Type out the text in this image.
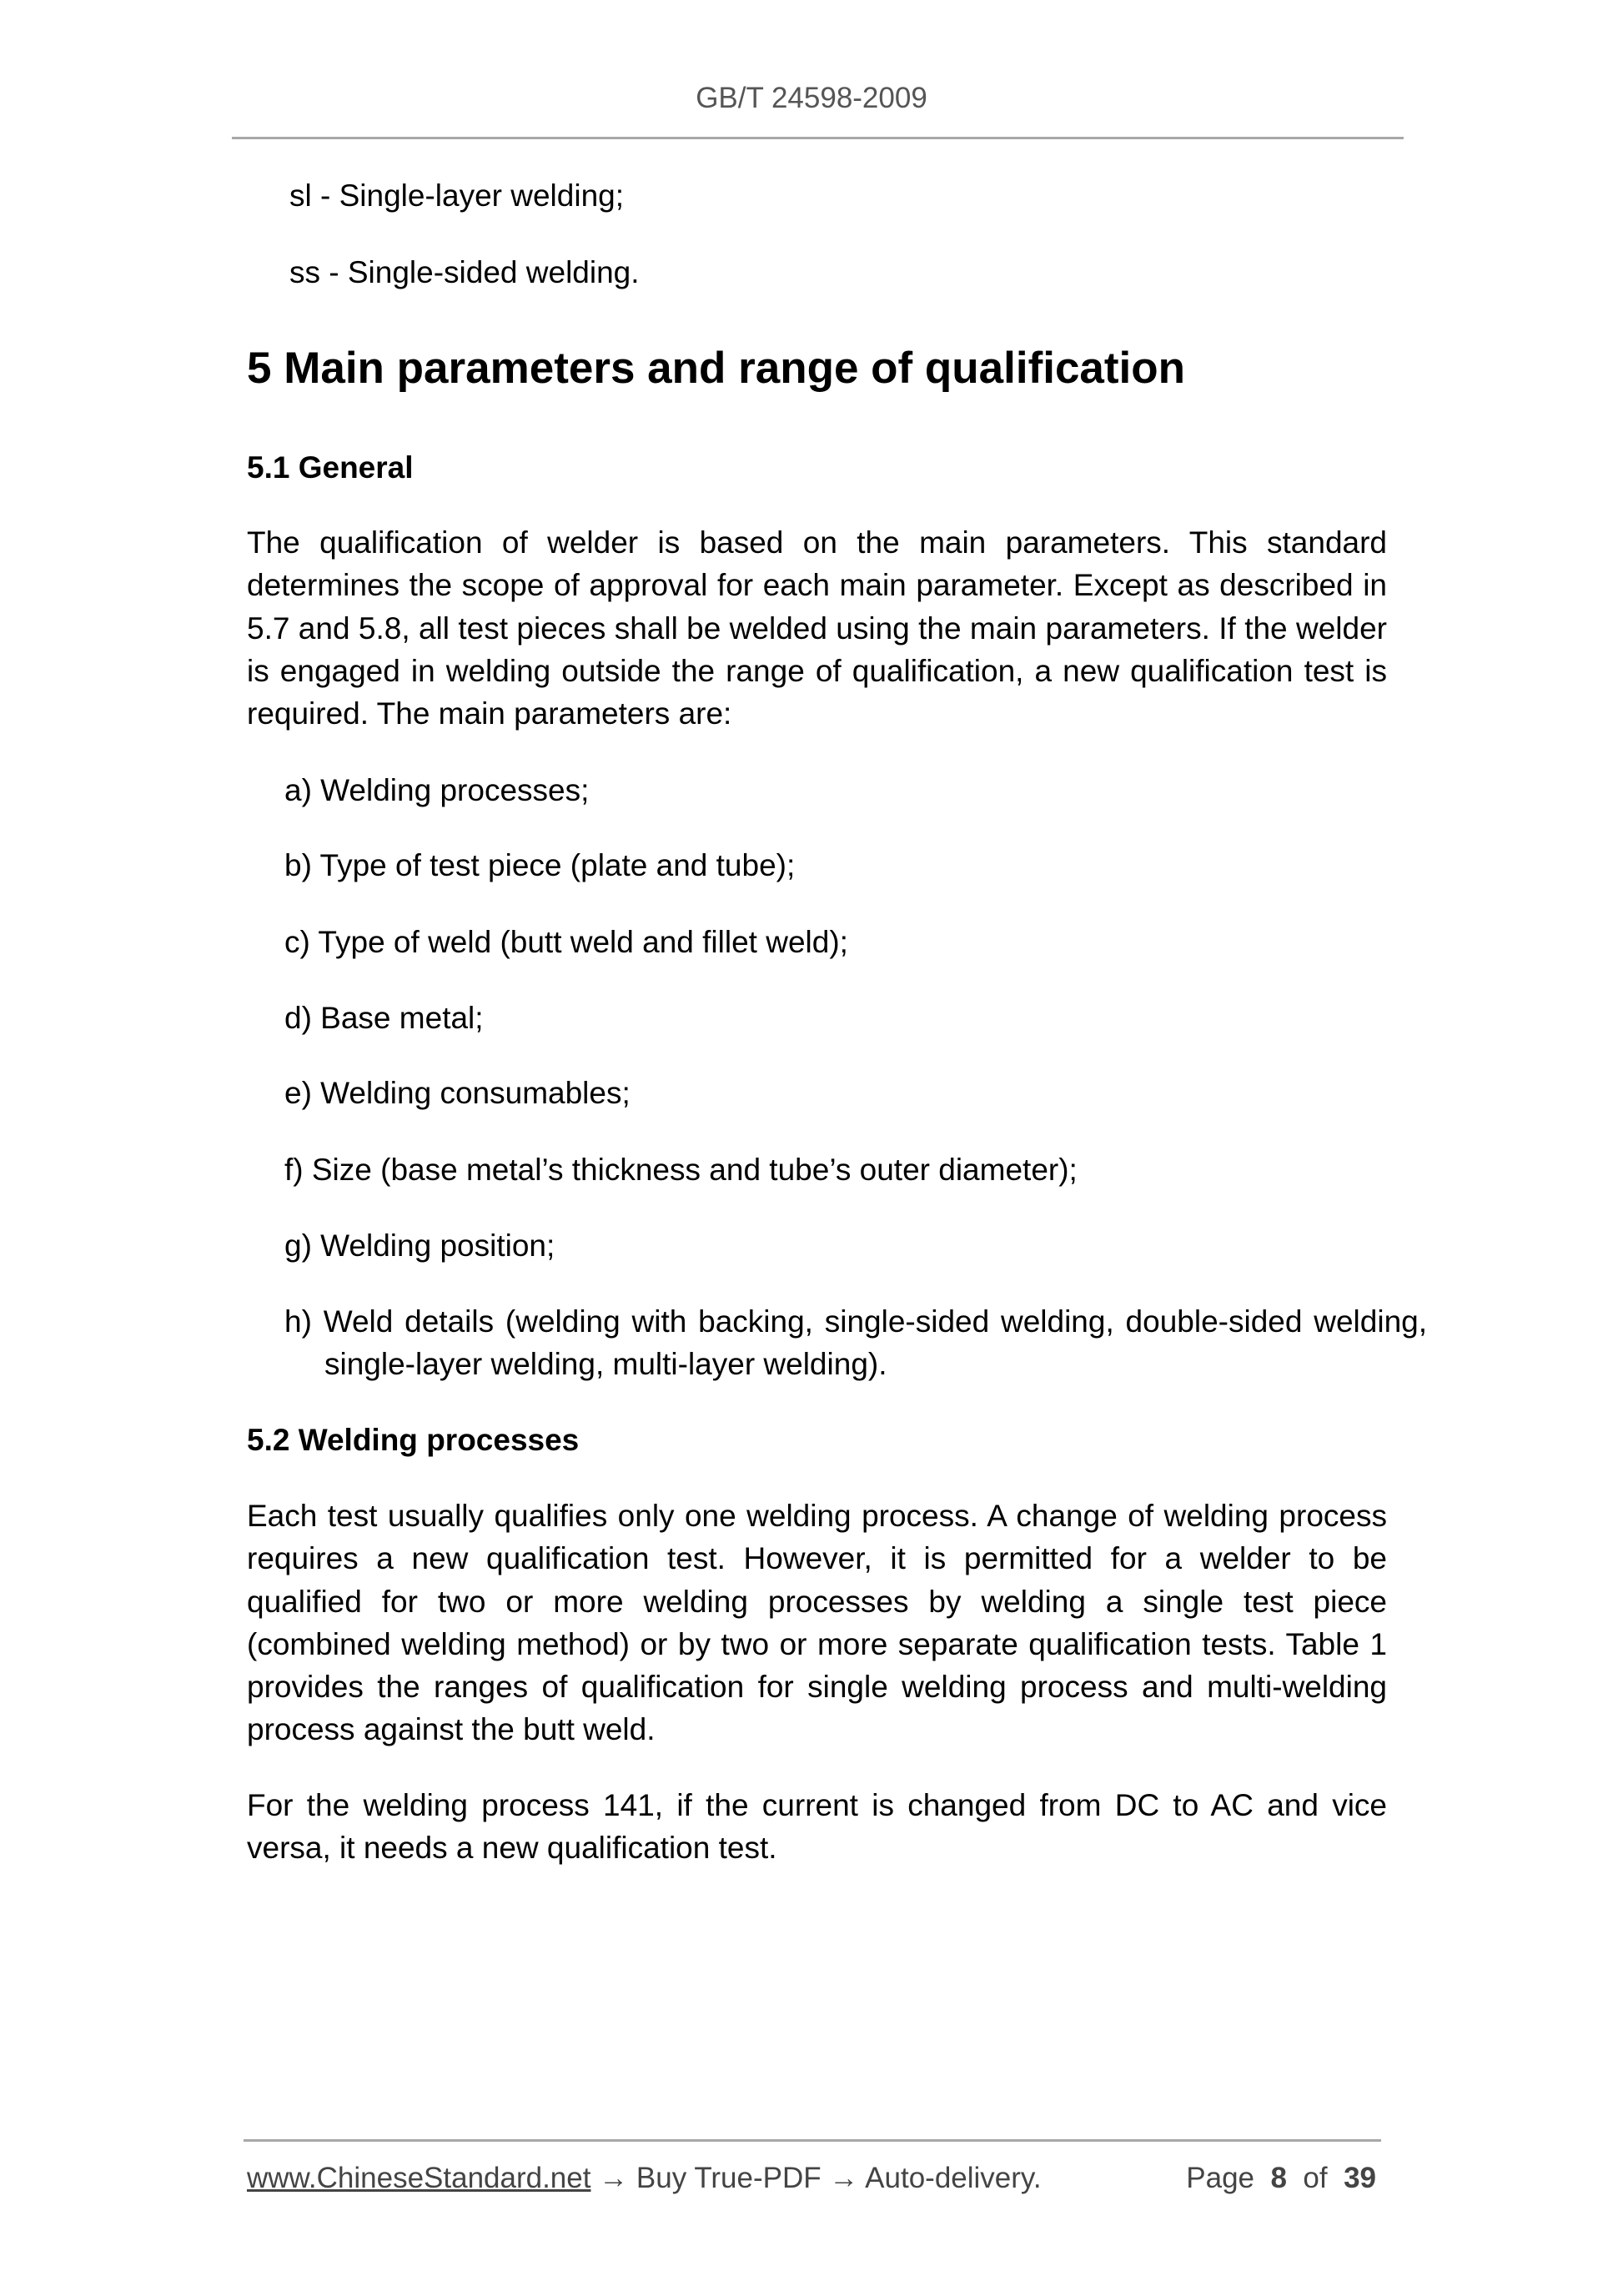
GB/T 24598-2009

sl - Single-layer welding;

ss - Single-sided welding.

5 Main parameters and range of qualification
5.1 General

The qualification of welder is based on the main parameters. This standard determines the scope of approval for each main parameter. Except as described in 5.7 and 5.8, all test pieces shall be welded using the main parameters. If the welder is engaged in welding outside the range of qualification, a new qualification test is required. The main parameters are:

a) Welding processes;

b) Type of test piece (plate and tube);

c) Type of weld (butt weld and fillet weld);

d) Base metal;

e) Welding consumables;

f) Size (base metal’s thickness and tube’s outer diameter);

g) Welding position;

h) Weld details (welding with backing, single-sided welding, double-sided welding, single-layer welding, multi-layer welding).

5.2 Welding processes

Each test usually qualifies only one welding process. A change of welding process requires a new qualification test. However, it is permitted for a welder to be qualified for two or more welding processes by welding a single test piece (combined welding method) or by two or more separate qualification tests. Table 1 provides the ranges of qualification for single welding process and multi-welding process against the butt weld.

For the welding process 141, if the current is changed from DC to AC and vice versa, it needs a new qualification test.

www.ChineseStandard.net → Buy True-PDF → Auto-delivery.	Page 8 of 39
